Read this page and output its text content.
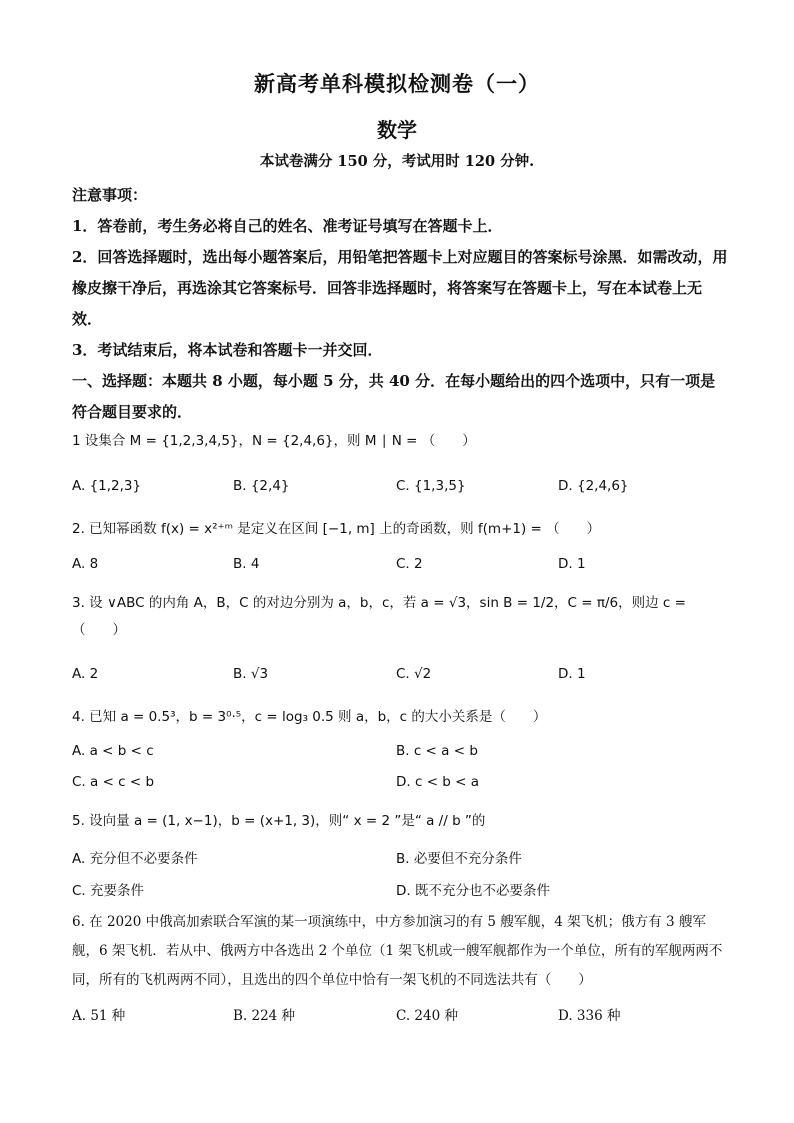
新高考单科模拟检测卷（一）
数学
本试卷满分 150 分，考试用时 120 分钟.

注意事项：

1．答卷前，考生务必将自己的姓名、准考证号填写在答题卡上．

2．回答选择题时，选出每小题答案后，用铅笔把答题卡上对应题目的答案标号涂黑．如需改动，用橡皮擦干净后，再选涂其它答案标号．回答非选择题时，将答案写在答题卡上，写在本试卷上无效．

3．考试结束后，将本试卷和答题卡一并交回．

一、选择题：本题共 8 小题，每小题 5 分，共 40 分．在每小题给出的四个选项中，只有一项是符合题目要求的．

1 设集合 M = {1,2,3,4,5}，N = {2,4,6}，则 M ∣ N = （　　）
A. {1,2,3}	B. {2,4}	C. {1,3,5}	D. {2,4,6}
2. 已知幂函数 f(x) = x²⁺ᵐ 是定义在区间 [−1, m] 上的奇函数，则 f(m+1) = （　　）
A. 8	B. 4	C. 2	D. 1
3. 设 ∨ABC 的内角 A，B，C 的对边分别为 a，b，c，若 a = √3，sin B = 1/2，C = π/6，则边 c = （　　）
A. 2	B. √3	C. √2	D. 1
4. 已知 a = 0.5³，b = 3⁰·⁵，c = log₃ 0.5 则 a，b，c 的大小关系是（　　）
A. a < b < c	B. c < a < b
C. a < c < b	D. c < b < a
5. 设向量 a = (1, x−1)，b = (x+1, 3)，则“ x = 2 ”是“ a // b ”的
A. 充分但不必要条件	B. 必要但不充分条件
C. 充要条件	D. 既不充分也不必要条件
6. 在 2020 中俄高加索联合军演的某一项演练中，中方参加演习的有 5 艘军舰，4 架飞机；俄方有 3 艘军舰，6 架飞机．若从中、俄两方中各选出 2 个单位（1 架飞机或一艘军舰都作为一个单位，所有的军舰两两不同，所有的飞机两两不同），且选出的四个单位中恰有一架飞机的不同选法共有（　　）
A. 51 种	B. 224 种	C. 240 种	D. 336 种
